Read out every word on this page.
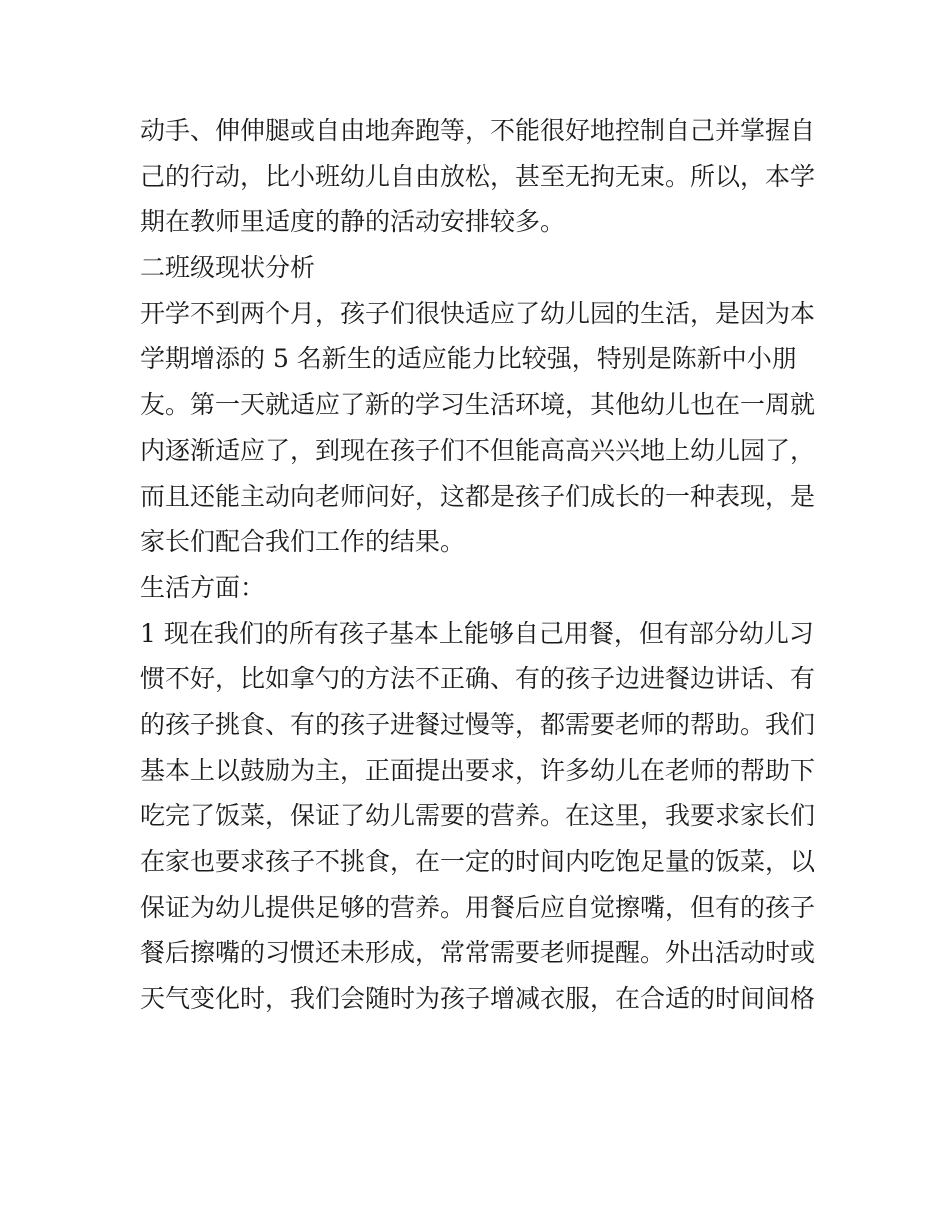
动手、伸伸腿或自由地奔跑等，不能很好地控制自己并掌握自

己的行动，比小班幼儿自由放松，甚至无拘无束。所以，本学

期在教师里适度的静的活动安排较多。

二班级现状分析

开学不到两个月，孩子们很快适应了幼儿园的生活，是因为本

学期增添的 5 名新生的适应能力比较强，特别是陈新中小朋

友。第一天就适应了新的学习生活环境，其他幼儿也在一周就

内逐渐适应了，到现在孩子们不但能高高兴兴地上幼儿园了，

而且还能主动向老师问好，这都是孩子们成长的一种表现，是

家长们配合我们工作的结果。

生活方面：

1 现在我们的所有孩子基本上能够自己用餐，但有部分幼儿习

惯不好，比如拿勺的方法不正确、有的孩子边进餐边讲话、有

的孩子挑食、有的孩子进餐过慢等，都需要老师的帮助。我们

基本上以鼓励为主，正面提出要求，许多幼儿在老师的帮助下

吃完了饭菜，保证了幼儿需要的营养。在这里，我要求家长们

在家也要求孩子不挑食，在一定的时间内吃饱足量的饭菜，以

保证为幼儿提供足够的营养。用餐后应自觉擦嘴，但有的孩子

餐后擦嘴的习惯还未形成，常常需要老师提醒。外出活动时或

天气变化时，我们会随时为孩子增减衣服，在合适的时间间格
